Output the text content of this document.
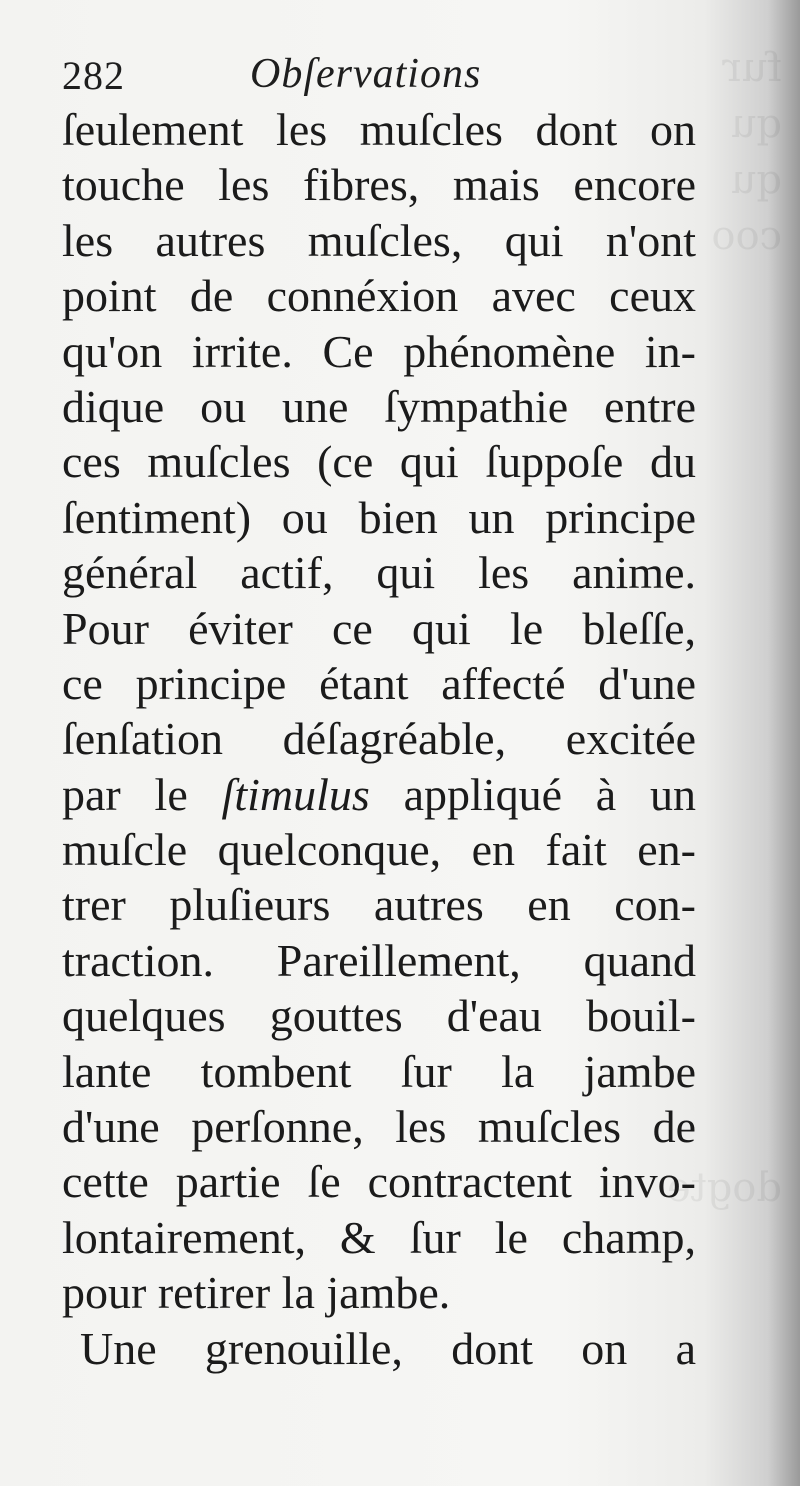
fur
qu
qu
coo

dogte
282	Obſervations
ſeulement les muſcles dont on
touche les fibres, mais encore
les autres muſcles, qui n'ont
point de connéxion avec ceux
qu'on irrite. Ce phénomène in-
dique ou une ſympathie entre
ces muſcles (ce qui ſuppoſe du
ſentiment) ou bien un principe
général actif, qui les anime.
Pour éviter ce qui le bleſſe,
ce principe étant affecté d'une
ſenſation déſagréable, excitée
par le ſtimulus appliqué à un
muſcle quelconque, en fait en-
trer pluſieurs autres en con-
traction. Pareillement, quand
quelques gouttes d'eau bouil-
lante tombent ſur la jambe
d'une perſonne, les muſcles de
cette partie ſe contractent invo-
lontairement, & ſur le champ,
pour retirer la jambe.
Une grenouille, dont on a
